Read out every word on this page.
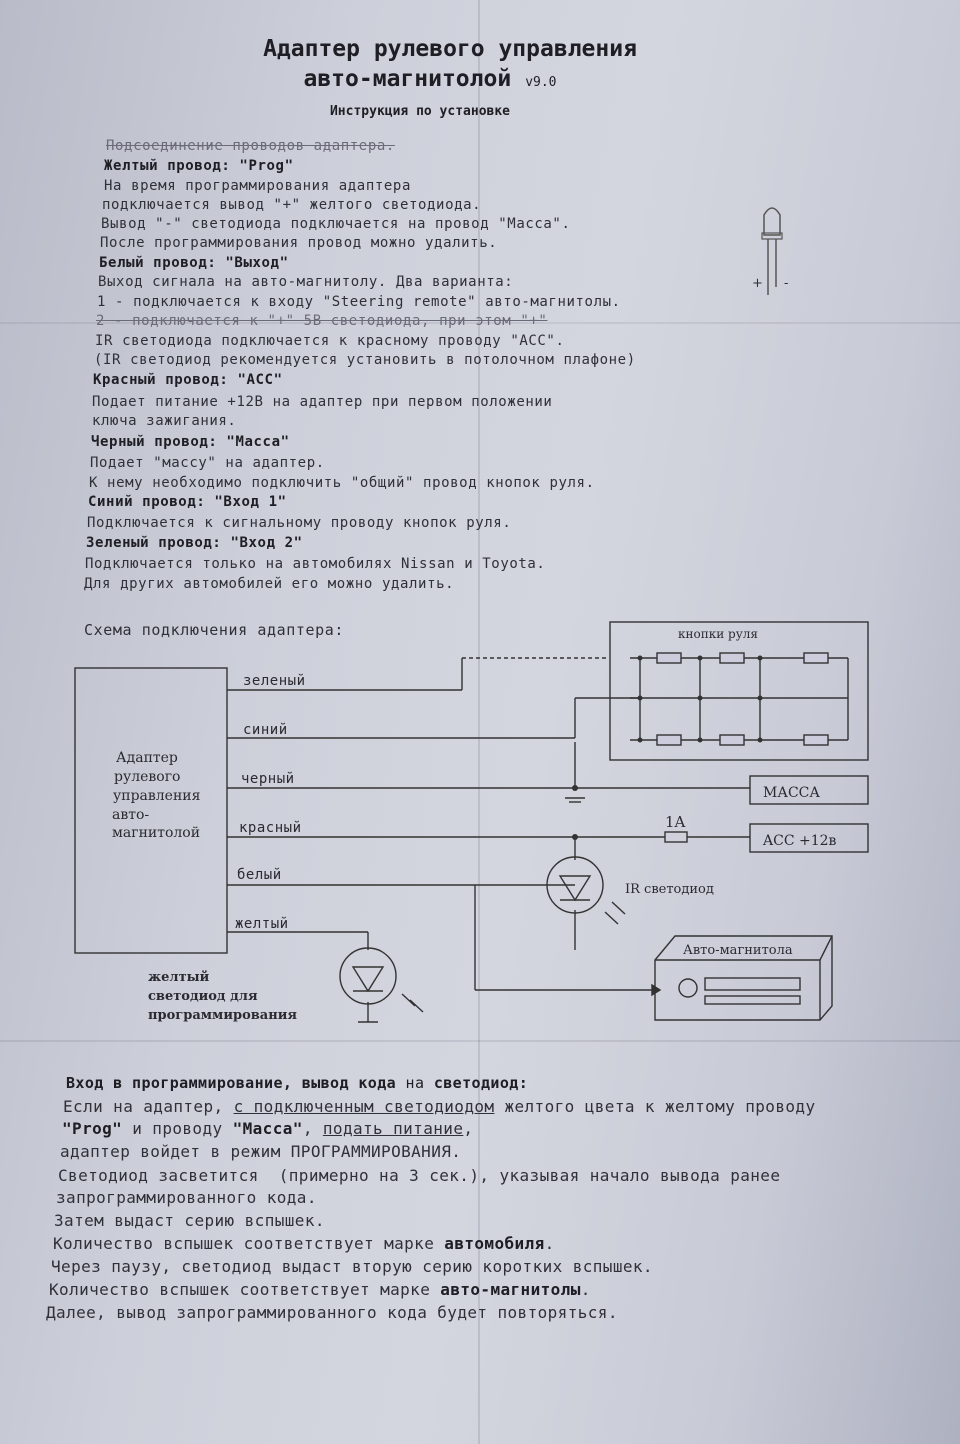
Адаптер рулевого управления
авто-магнитолой v9.0
Инструкция по установке
Подсоединение проводов адаптера.
Желтый провод: "Prog"
На время программирования адаптера
подключается вывод "+" желтого светодиода.
Вывод "-" светодиода подключается на провод "Масса".
После программирования провод можно удалить.
Белый провод: "Выход"
Выход сигнала на авто-магнитолу. Два варианта:
1 - подключается к входу "Steering remote" авто-магнитолы.
2 - подключается к "+" 5В светодиода, при этом "+"
IR светодиода подключается к красному проводу "ACC".
(IR светодиод рекомендуется установить в потолочном плафоне)
Красный провод: "ACC"
Подает питание +12В на адаптер при первом положении
ключа зажигания.
Черный провод: "Масса"
Подает "массу" на адаптер.
К нему необходимо подключить "общий" провод кнопок руля.
Синий провод: "Вход 1"
Подключается к сигнальному проводу кнопок руля.
Зеленый провод: "Вход 2"
Подключается только на автомобилях Nissan и Toyota.
Для других автомобилей его можно удалить.
Схема подключения адаптера:
+ -
Адаптер
рулевого
управления
авто-
магнитолой
зеленый
синий
черный
красный
белый
желтый
кнопки руля
МАССА
ACC +12в
1A
IR светодиод
Авто-магнитола
желтый
светодиод для
программирования
Вход в программирование, вывод кода на светодиод:
Если на адаптер, с подключенным светодиодом желтого цвета к желтому проводу
"Prog" и проводу "Масса", подать питание,
адаптер войдет в режим ПРОГРАММИРОВАНИЯ.
Светодиод засветится  (примерно на 3 сек.), указывая начало вывода ранее
запрограммированного кода.
Затем выдаст серию вспышек.
Количество вспышек соответствует марке автомобиля.
Через паузу, светодиод выдаст вторую серию коротких вспышек.
Количество вспышек соответствует марке авто-магнитолы.
Далее, вывод запрограммированного кода будет повторяться.
